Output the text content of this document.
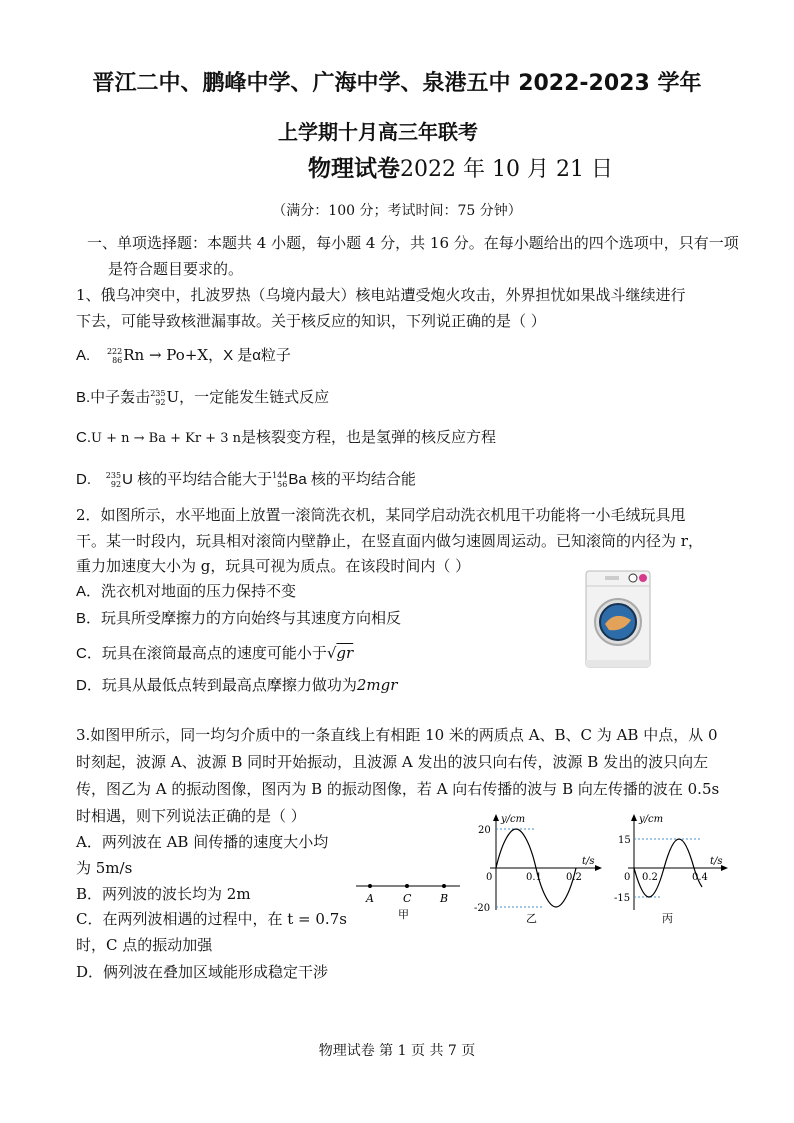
晋江二中、鹏峰中学、广海中学、泉港五中 2022-2023 学年
上学期十月高三年联考
物理试卷2022 年 10 月 21 日
（满分：100 分；考试时间：75 分钟）
一、单项选择题：本题共 4 小题，每小题 4 分，共 16 分。在每小题给出的四个选项中，只有一项
是符合题目要求的。
1、俄乌冲突中，扎波罗热（乌境内最大）核电站遭受炮火攻击，外界担忧如果战斗继续进行
下去，可能导致核泄漏事故。关于核反应的知识，下列说正确的是（ ）
A. 222
86 Rn → Po+X，X 是α粒子
B.中子轰击 235
92 U，一定能发生链式反应
C.U + n → Ba + Kr + 3 n是核裂变方程，也是氢弹的核反应方程
D. 235
92 U 核的平均结合能大于 144
56 Ba 核的平均结合能
2．如图所示，水平地面上放置一滚筒洗衣机，某同学启动洗衣机甩干功能将一小毛绒玩具甩
干。某一时段内，玩具相对滚筒内壁静止，在竖直面内做匀速圆周运动。已知滚筒的内径为 r，
重力加速度大小为 g，玩具可视为质点。在该段时间内（ ）
A．洗衣机对地面的压力保持不变
B．玩具所受摩擦力的方向始终与其速度方向相反
C．玩具在滚筒最高点的速度可能小于√gr
D．玩具从最低点转到最高点摩擦力做功为2mgr
3.如图甲所示，同一均匀介质中的一条直线上有相距 10 米的两质点 A、B、C 为 AB 中点，从 0
时刻起，波源 A、波源 B 同时开始振动，且波源 A 发出的波只向右传，波源 B 发出的波只向左
传，图乙为 A 的振动图像，图丙为 B 的振动图像，若 A 向右传播的波与 B 向左传播的波在 0.5s
时相遇，则下列说法正确的是（ ）
A．两列波在 AB 间传播的速度大小均
为 5m/s
B．两列波的波长均为 2m
C．在两列波相遇的过程中，在 t = 0.7s
时，C 点的振动加强
D．俩列波在叠加区域能形成稳定干涉
A	C	B
甲
y/cm
t/s
20
-20
0	0.1 0.2
乙
y/cm
t/s
15
-15
0 0.2	0.4
丙
物理试卷 第 1 页 共 7 页
